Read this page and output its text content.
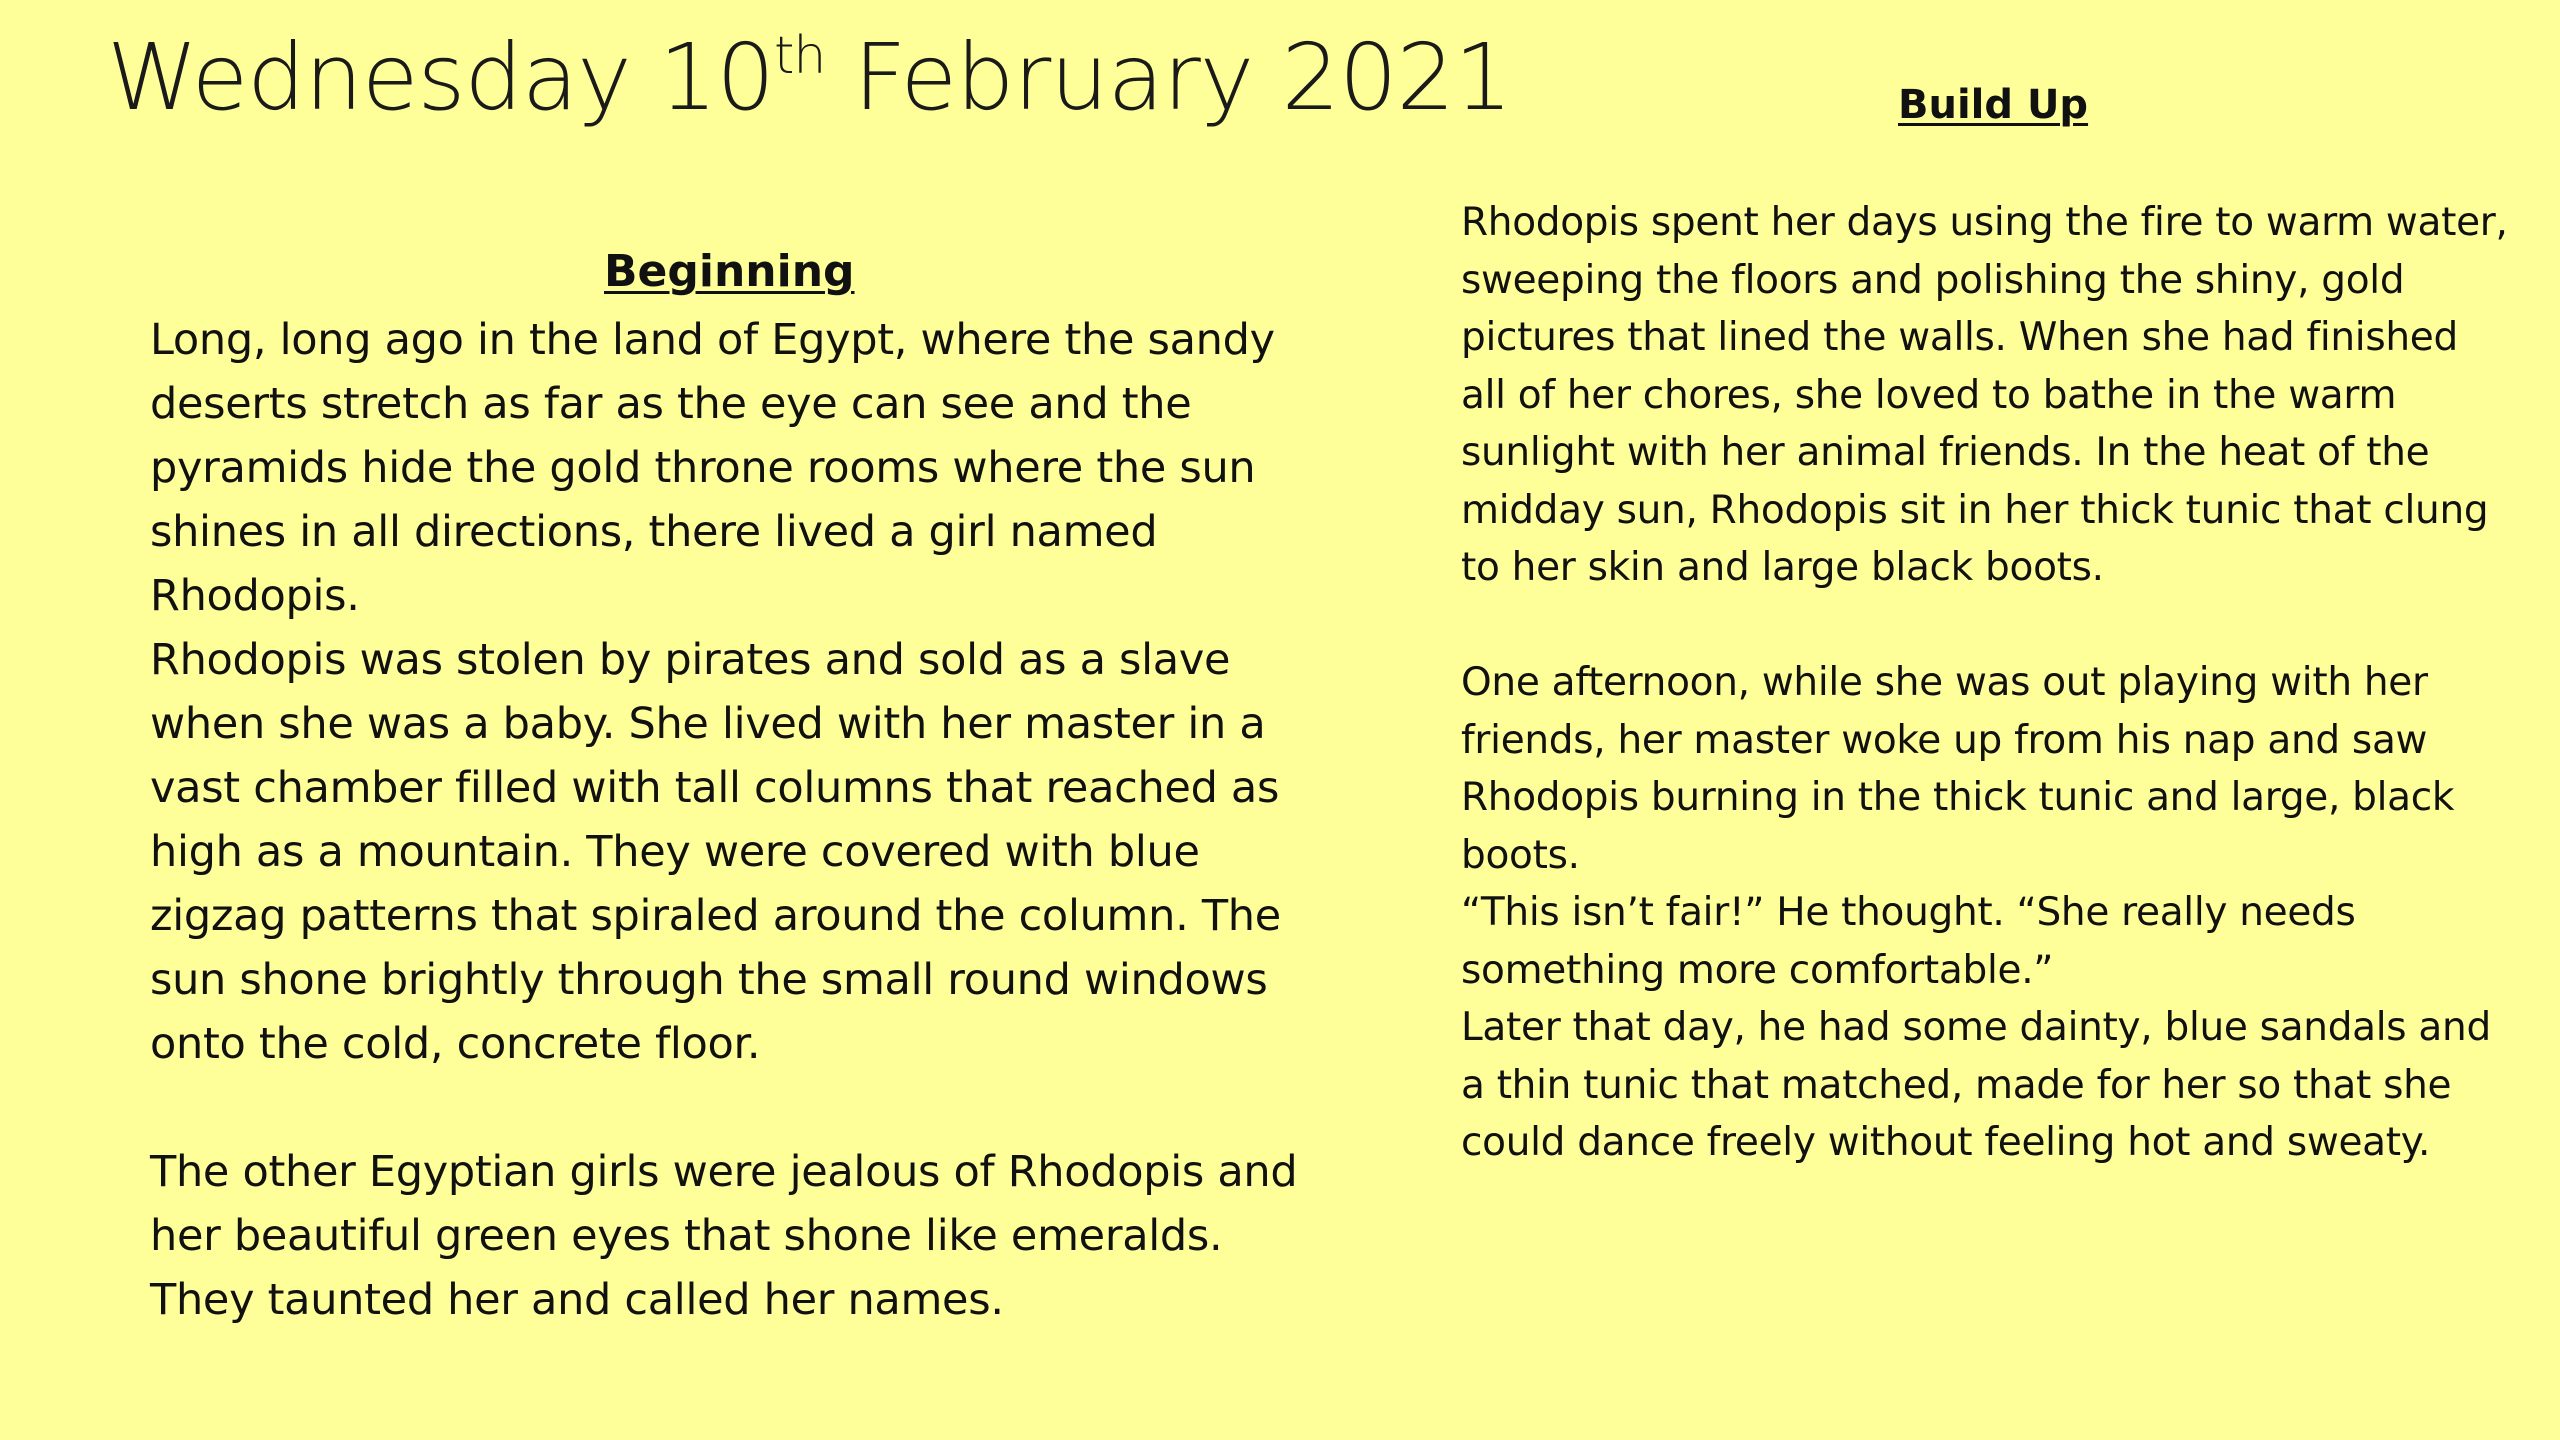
Wednesday 10th February 2021	Build Up
Beginning

Long, long ago in the land of Egypt, where the sandy deserts stretch as far as the eye can see and the pyramids hide the gold throne rooms where the sun shines in all directions, there lived a girl named Rhodopis.

Rhodopis was stolen by pirates and sold as a slave when she was a baby. She lived with her master in a vast chamber filled with tall columns that reached as high as a mountain. They were covered with blue zigzag patterns that spiraled around the column. The sun shone brightly through the small round windows onto the cold, concrete floor.

The other Egyptian girls were jealous of Rhodopis and her beautiful green eyes that shone like emeralds. They taunted her and called her names.

Rhodopis spent her days using the fire to warm water, sweeping the floors and polishing the shiny, gold pictures that lined the walls. When she had finished all of her chores, she loved to bathe in the warm sunlight with her animal friends. In the heat of the midday sun, Rhodopis sit in her thick tunic that clung to her skin and large black boots.

One afternoon, while she was out playing with her friends, her master woke up from his nap and saw Rhodopis burning in the thick tunic and large, black boots.

“This isn’t fair!” He thought. “She really needs something more comfortable.”

Later that day, he had some dainty, blue sandals and a thin tunic that matched, made for her so that she could dance freely without feeling hot and sweaty.
